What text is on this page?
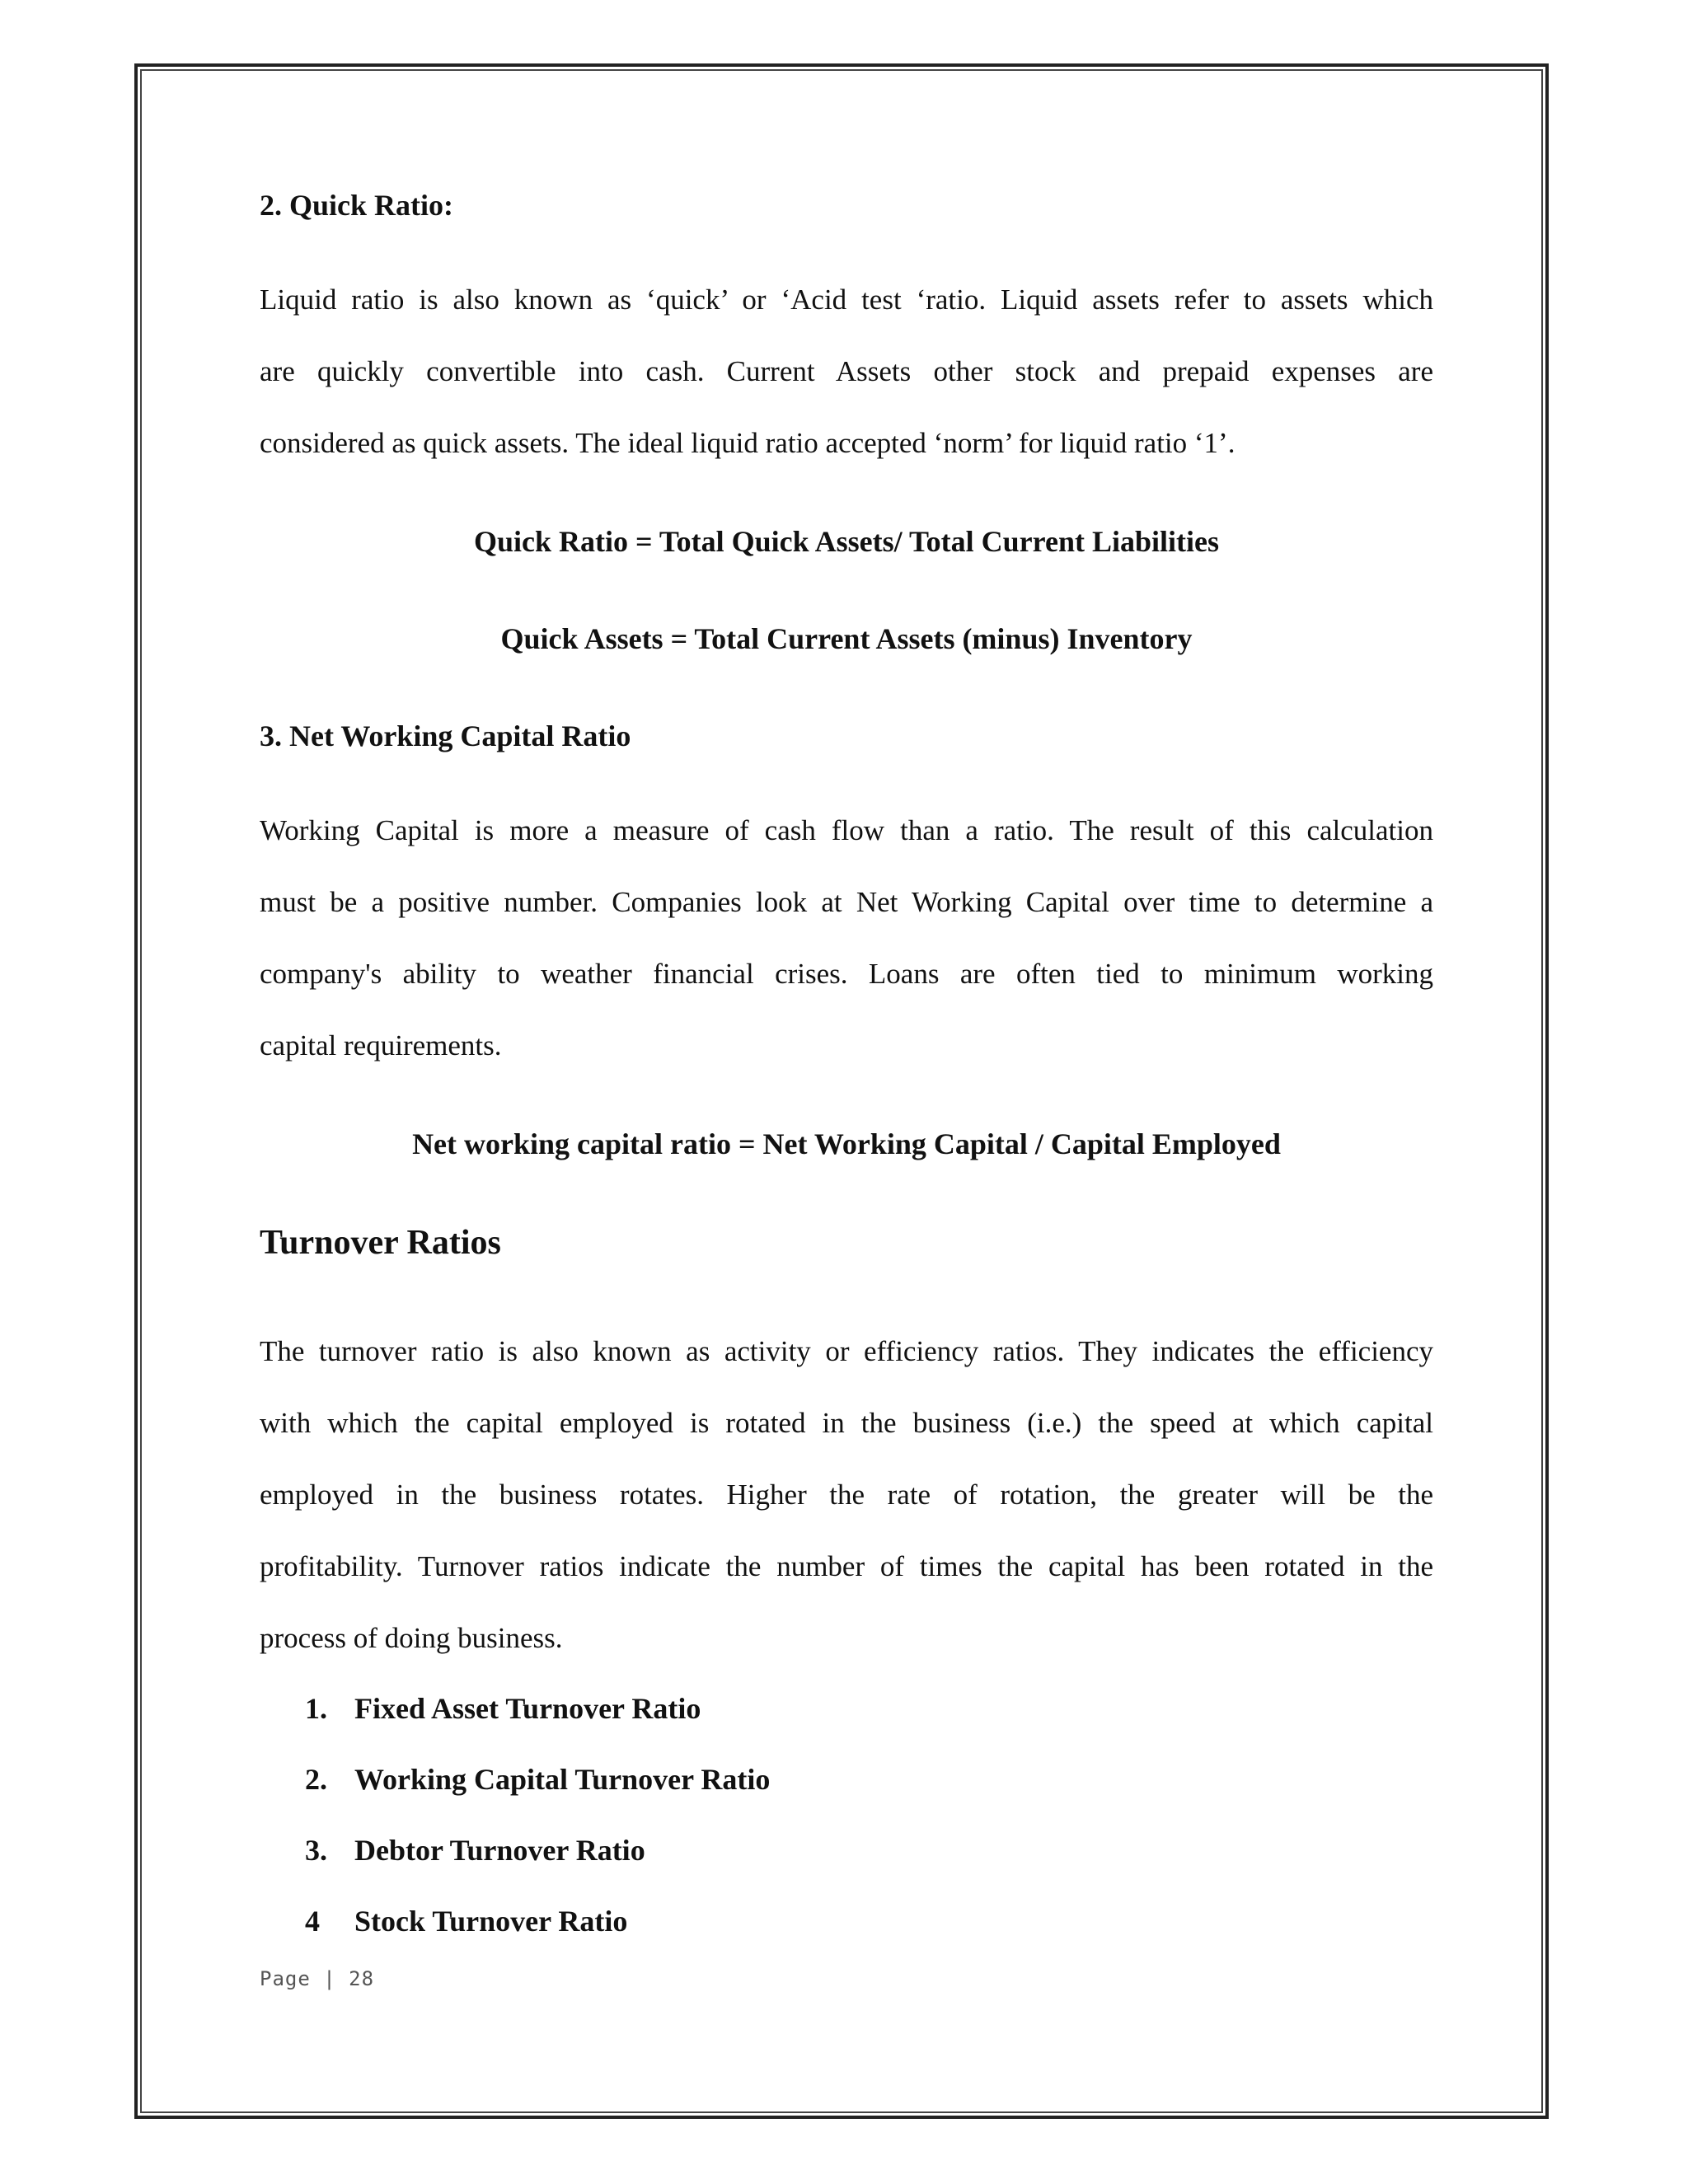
2. Quick Ratio:
Liquid ratio is also known as ‘quick’ or ‘Acid test ‘ratio. Liquid assets refer to assets which
are quickly convertible into cash. Current Assets other stock and prepaid expenses are
considered as quick assets. The ideal liquid ratio accepted ‘norm’ for liquid ratio ‘1’.
Quick Ratio = Total Quick Assets/ Total Current Liabilities
Quick Assets = Total Current Assets (minus) Inventory
3. Net Working Capital Ratio
Working Capital is more a measure of cash flow than a ratio. The result of this calculation
must be a positive number. Companies look at Net Working Capital over time to determine a
company's ability to weather financial crises. Loans are often tied to minimum working
capital requirements.
Net working capital ratio = Net Working Capital / Capital Employed
Turnover Ratios
The turnover ratio is also known as activity or efficiency ratios. They indicates the efficiency
with which the capital employed is rotated in the business (i.e.) the speed at which capital
employed in the business rotates. Higher the rate of rotation, the greater will be the
profitability. Turnover ratios indicate the number of times the capital has been rotated in the
process of doing business.
1. Fixed Asset Turnover Ratio
2. Working Capital Turnover Ratio
3. Debtor Turnover Ratio
4 Stock Turnover Ratio
Page | 28
